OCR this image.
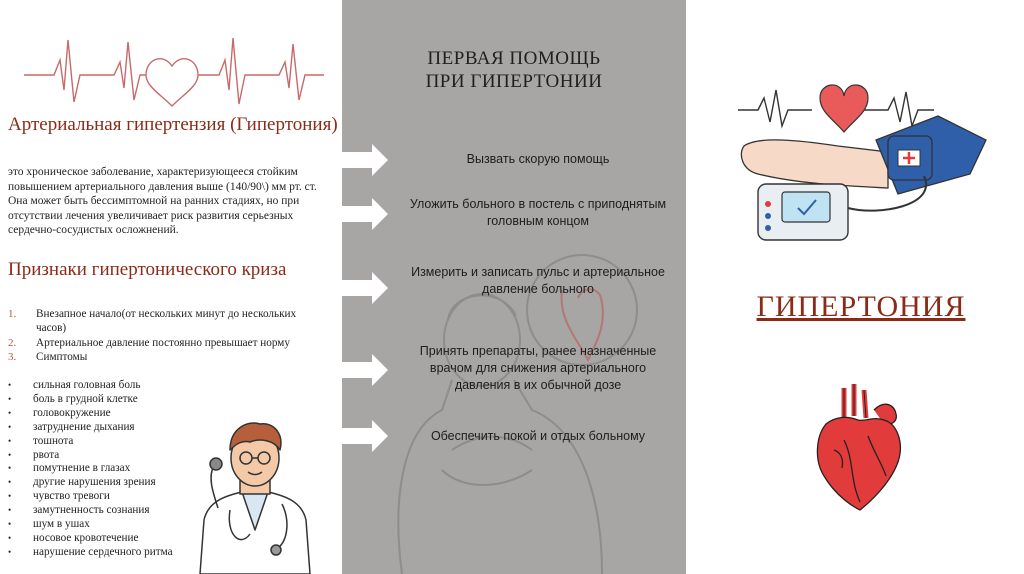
Артериальная гипертензия (Гипертония)
это хроническое заболевание, характеризующееся стойким повышением артериального давления выше (140/90\) мм рт. ст. Она может быть бессимптомной на ранних стадиях, но при отсутствии лечения увеличивает риск развития серьезных сердечно-сосудистых осложнений.
Признаки гипертонического криза
1. Внезапное начало(от нескольких минут до нескольких часов)
2. Артериальное давление постоянно превышает норму
3. Симптомы
• сильная головная боль
• боль в грудной клетке
• головокружение
• затруднение дыхания
• тошнота
• рвота
• помутнение в глазах
• другие нарушения зрения
• чувство тревоги
• замутненность сознания
• шум в ушах
• носовое кровотечение
• нарушение сердечного ритма
ПЕРВАЯ ПОМОЩЬ
ПРИ ГИПЕРТОНИИ
Вызвать скорую помощь
Уложить больного в постель с приподнятым головным концом
Измерить и записать пульс и артериальное давление больного
Принять препараты, ранее назначенные врачом для снижения артериального давления в их обычной дозе
Обеспечить покой и отдых больному
ГИПЕРТОНИЯ
